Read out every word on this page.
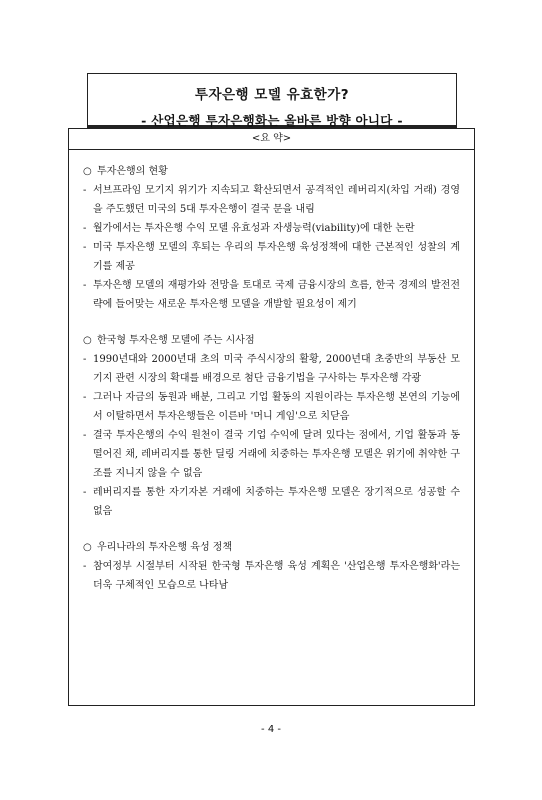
투자은행 모델 유효한가?
- 산업은행 투자은행화는 올바른 방향 아니다 -
<요 약>
○ 투자은행의 현황
- 서브프라임 모기지 위기가 지속되고 확산되면서 공격적인 레버리지(차입 거래) 경영을 주도했던 미국의 5대 투자은행이 결국 문을 내림
- 월가에서는 투자은행 수익 모델 유효성과 자생능력(viability)에 대한 논란
- 미국 투자은행 모델의 후퇴는 우리의 투자은행 육성정책에 대한 근본적인 성찰의 계기를 제공
- 투자은행 모델의 재평가와 전망을 토대로 국제 금융시장의 흐름, 한국 경제의 발전전략에 들어맞는 새로운 투자은행 모델을 개발할 필요성이 제기
○ 한국형 투자은행 모델에 주는 시사점
- 1990년대와 2000년대 초의 미국 주식시장의 활황, 2000년대 초중반의 부동산 모기지 관련 시장의 확대를 배경으로 첨단 금융기법을 구사하는 투자은행 각광
- 그러나 자금의 동원과 배분, 그리고 기업 활동의 지원이라는 투자은행 본연의 기능에서 이탈하면서 투자은행들은 이른바 '머니 게임'으로 치닫음
- 결국 투자은행의 수익 원천이 결국 기업 수익에 달려 있다는 점에서, 기업 활동과 동떨어진 채, 레버리지를 통한 딜링 거래에 치중하는 투자은행 모델은 위기에 취약한 구조를 지니지 않을 수 없음
- 레버리지를 통한 자기자본 거래에 치중하는 투자은행 모델은 장기적으로 성공할 수 없음
○ 우리나라의 투자은행 육성 정책
- 참여정부 시절부터 시작된 한국형 투자은행 육성 계획은 '산업은행 투자은행화'라는 더욱 구체적인 모습으로 나타남
- 4 -
